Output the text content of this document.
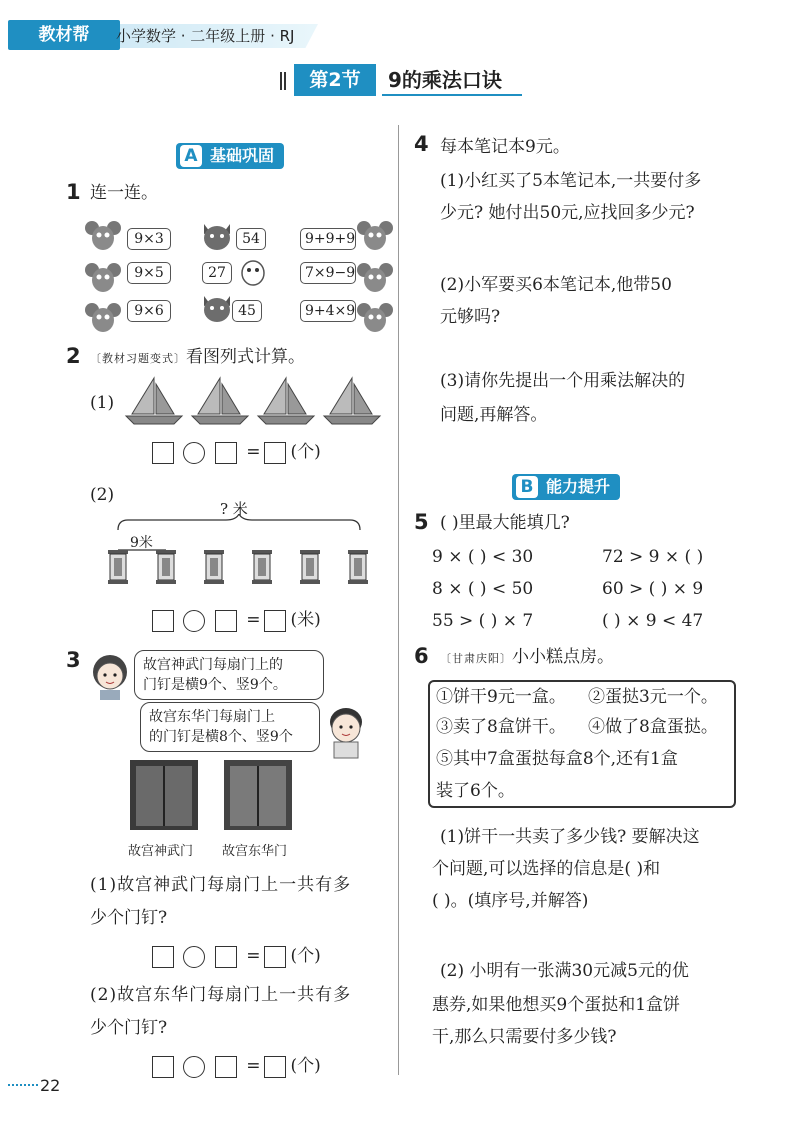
教材帮	小学数学 · 二年级上册 · RJ
第2节	9的乘法口诀
A 基础巩固
1 连一连。
9×3
9×5
9×6
54
27
45
9+9+9
7×9−9
9+4×9
2 〔教材习题变式〕看图列式计算。
(1)
= (个)
(2)
? 米
9米
= (米)
3	故宫神武门每扇门上的
门钉是横9个、竖9个。
故宫东华门每扇门上
的门钉是横8个、竖9个
故宫神武门 故宫东华门
(1)故宫神武门每扇门上一共有多
少个门钉?
= (个)
(2)故宫东华门每扇门上一共有多
少个门钉?
= (个)
4 每本笔记本9元。
(1)小红买了5本笔记本,一共要付多
少元? 她付出50元,应找回多少元?
(2)小军要买6本笔记本,他带50
元够吗?
(3)请你先提出一个用乘法解决的
问题,再解答。
B 能力提升
5 ( )里最大能填几?
9 × ( ) < 30	72 > 9 × ( )
8 × ( ) < 50	60 > ( ) × 9
55 > ( ) × 7	( ) × 9 < 47
6 〔甘肃庆阳〕小小糕点房。
①饼干9元一盒。 ②蛋挞3元一个。
③卖了8盒饼干。 ④做了8盒蛋挞。
⑤其中7盒蛋挞每盒8个,还有1盒
装了6个。
(1)饼干一共卖了多少钱? 要解决这
个问题,可以选择的信息是( )和
( )。(填序号,并解答)
(2) 小明有一张满30元减5元的优
惠券,如果他想买9个蛋挞和1盒饼
干,那么只需要付多少钱?
22
